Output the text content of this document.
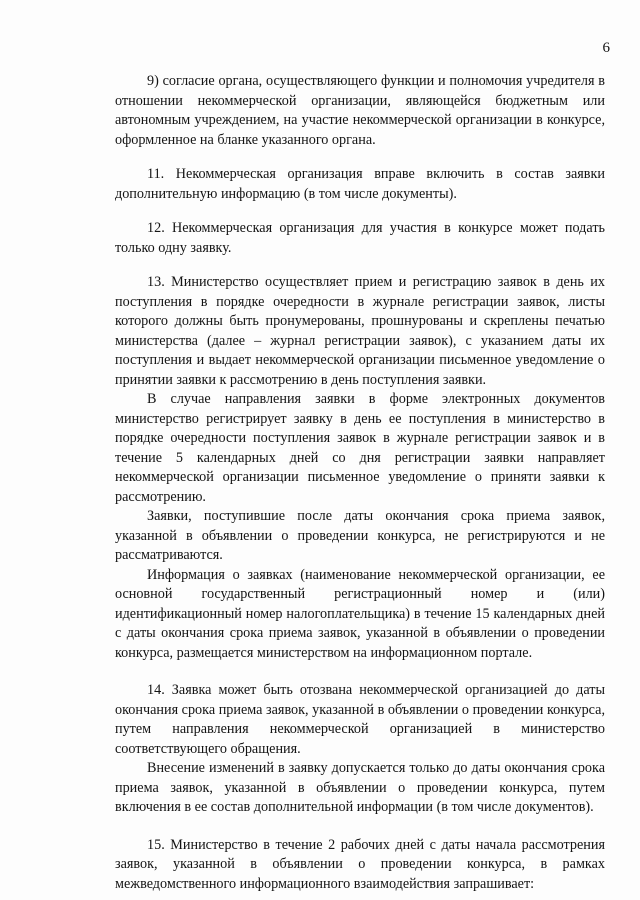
6

9) согласие органа, осуществляющего функции и полномочия учредителя в отношении некоммерческой организации, являющейся бюджетным или автономным учреждением, на участие некоммерческой организации в конкурсе, оформленное на бланке указанного органа.

11. Некоммерческая организация вправе включить в состав заявки дополнительную информацию (в том числе документы).

12. Некоммерческая организация для участия в конкурсе может подать только одну заявку.

13. Министерство осуществляет прием и регистрацию заявок в день их поступления в порядке очередности в журнале регистрации заявок, листы которого должны быть пронумерованы, прошнурованы и скреплены печатью министерства (далее – журнал регистрации заявок), с указанием даты их поступления и выдает некоммерческой организации письменное уведомление о принятии заявки к рассмотрению в день поступления заявки.

В случае направления заявки в форме электронных документов министерство регистрирует заявку в день ее поступления в министерство в порядке очередности поступления заявок в журнале регистрации заявок и в течение 5 календарных дней со дня регистрации заявки направляет некоммерческой организации письменное уведомление о приняти заявки к рассмотрению.

Заявки, поступившие после даты окончания срока приема заявок, указанной в объявлении о проведении конкурса, не регистрируются и не рассматриваются.

Информация о заявках (наименование некоммерческой организации, ее основной государственный регистрационный номер и (или) идентификационный номер налогоплательщика) в течение 15 календарных дней с даты окончания срока приема заявок, указанной в объявлении о проведении конкурса, размещается министерством на информационном портале.

14. Заявка может быть отозвана некоммерческой организацией до даты окончания срока приема заявок, указанной в объявлении о проведении конкурса, путем направления некоммерческой организацией в министерство соответствующего обращения.

Внесение изменений в заявку допускается только до даты окончания срока приема заявок, указанной в объявлении о проведении конкурса, путем включения в ее состав дополнительной информации (в том числе документов).

15. Министерство в течение 2 рабочих дней с даты начала рассмотрения заявок, указанной в объявлении о проведении конкурса, в рамках межведомственного информационного взаимодействия запрашивает:
